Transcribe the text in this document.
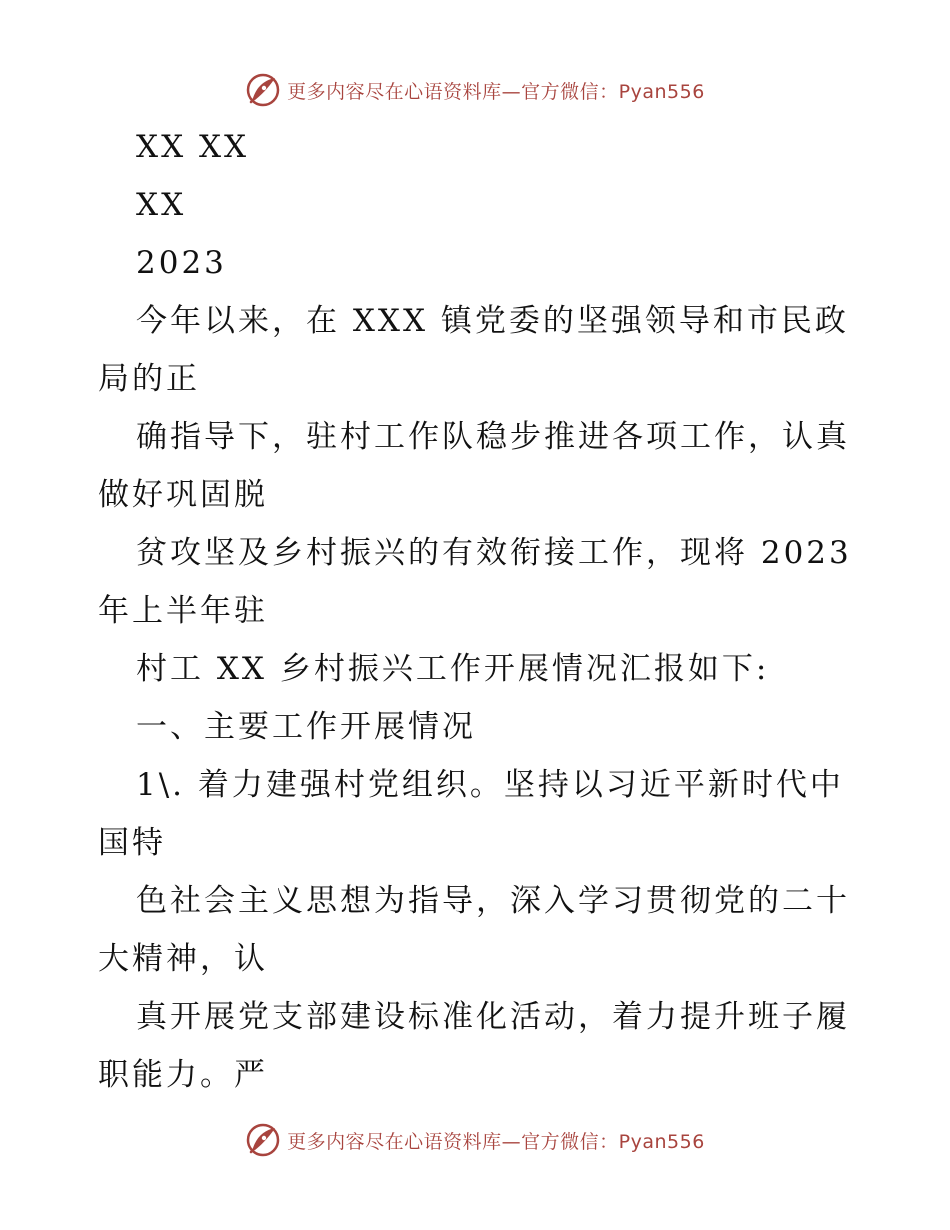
更多内容尽在心语资料库—官方微信：Pyan556
XX XX
XX
2023
今年以来，在 XXX 镇党委的坚强领导和市民政
局的正
确指导下，驻村工作队稳步推进各项工作，认真
做好巩固脱
贫攻坚及乡村振兴的有效衔接工作，现将 2023
年上半年驻
村工 XX 乡村振兴工作开展情况汇报如下:
一、主要工作开展情况
1\. 着力建强村党组织。坚持以习近平新时代中
国特
色社会主义思想为指导，深入学习贯彻党的二十
大精神，认
真开展党支部建设标准化活动，着力提升班子履
职能力。严
更多内容尽在心语资料库—官方微信：Pyan556
